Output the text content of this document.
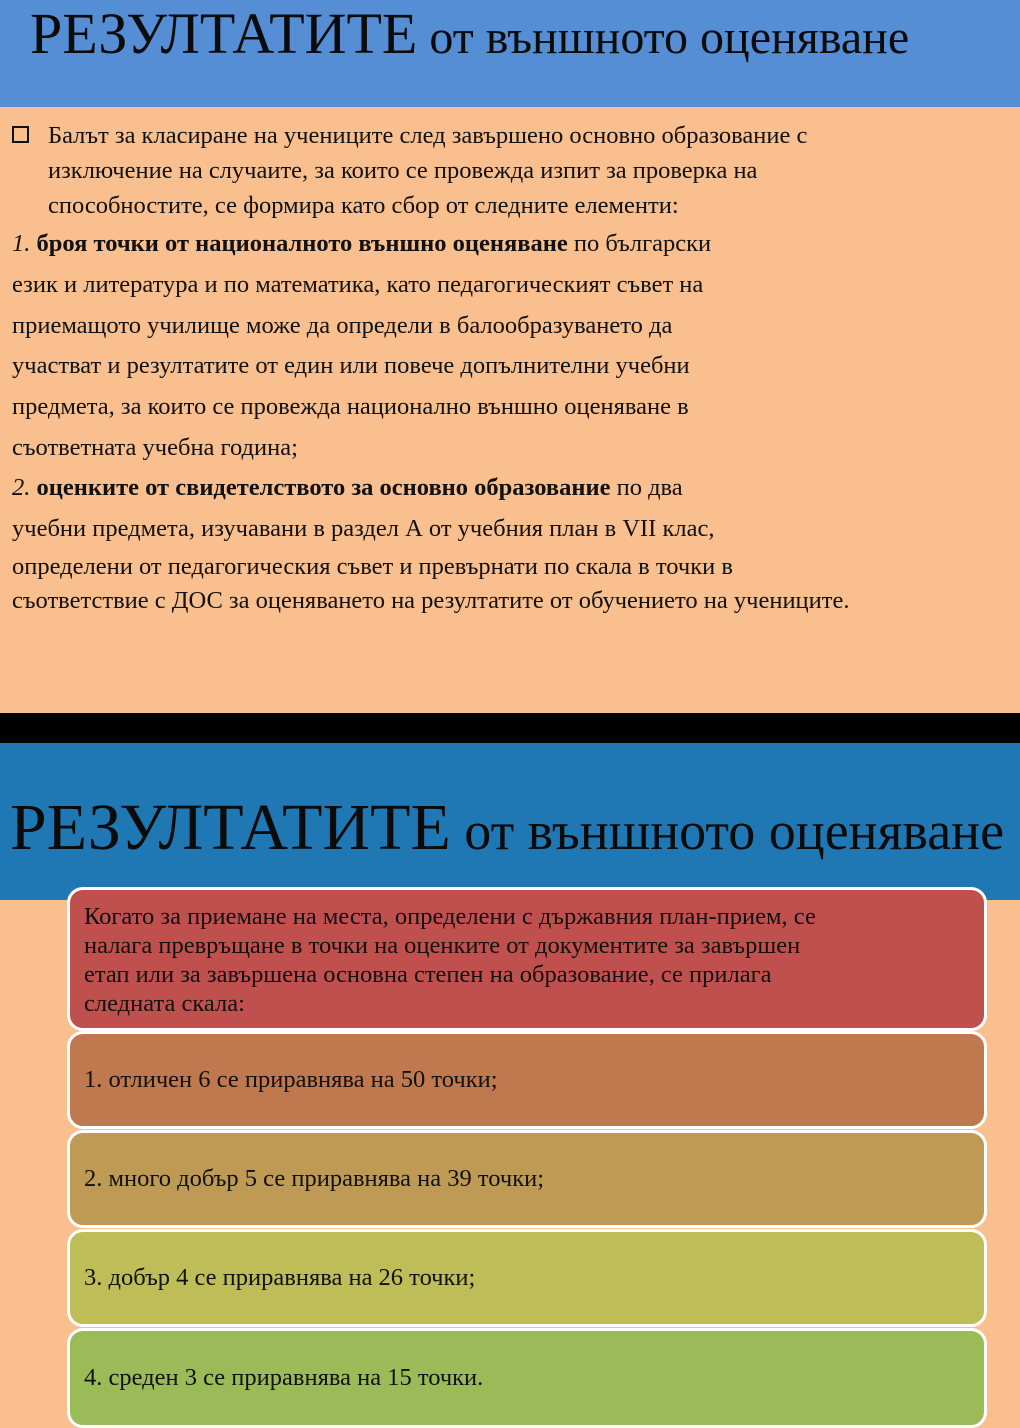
РЕЗУЛТАТИТЕ от външното оценяване
Балът за класиране на учениците след завършено основно образование с
изключение на случаите, за които се провежда изпит за проверка на
способностите, се формира като сбор от следните елементи:
1. броя точки от националното външно оценяване по български
език и литература и по математика, като педагогическият съвет на
приемащото училище може да определи в балообразуването да
участват и резултатите от един или повече допълнителни учебни
предмета, за които се провежда национално външно оценяване в
съответната учебна година;
2. оценките от свидетелството за основно образование по два
учебни предмета, изучавани в раздел А от учебния план в VII клас,
определени от педагогическия съвет и превърнати по скала в точки в
съответствие с ДОС за оценяването на резултатите от обучението на учениците.
РЕЗУЛТАТИТЕ от външното оценяване
Когато за приемане на места, определени с държавния план-прием, се
налага превръщане в точки на оценките от документите за завършен
етап или за завършена основна степен на образование, се прилага
следната скала:
1. отличен 6 се приравнява на 50 точки;
2. много добър 5 се приравнява на 39 точки;
3. добър 4 се приравнява на 26 точки;
4. среден 3 се приравнява на 15 точки.
